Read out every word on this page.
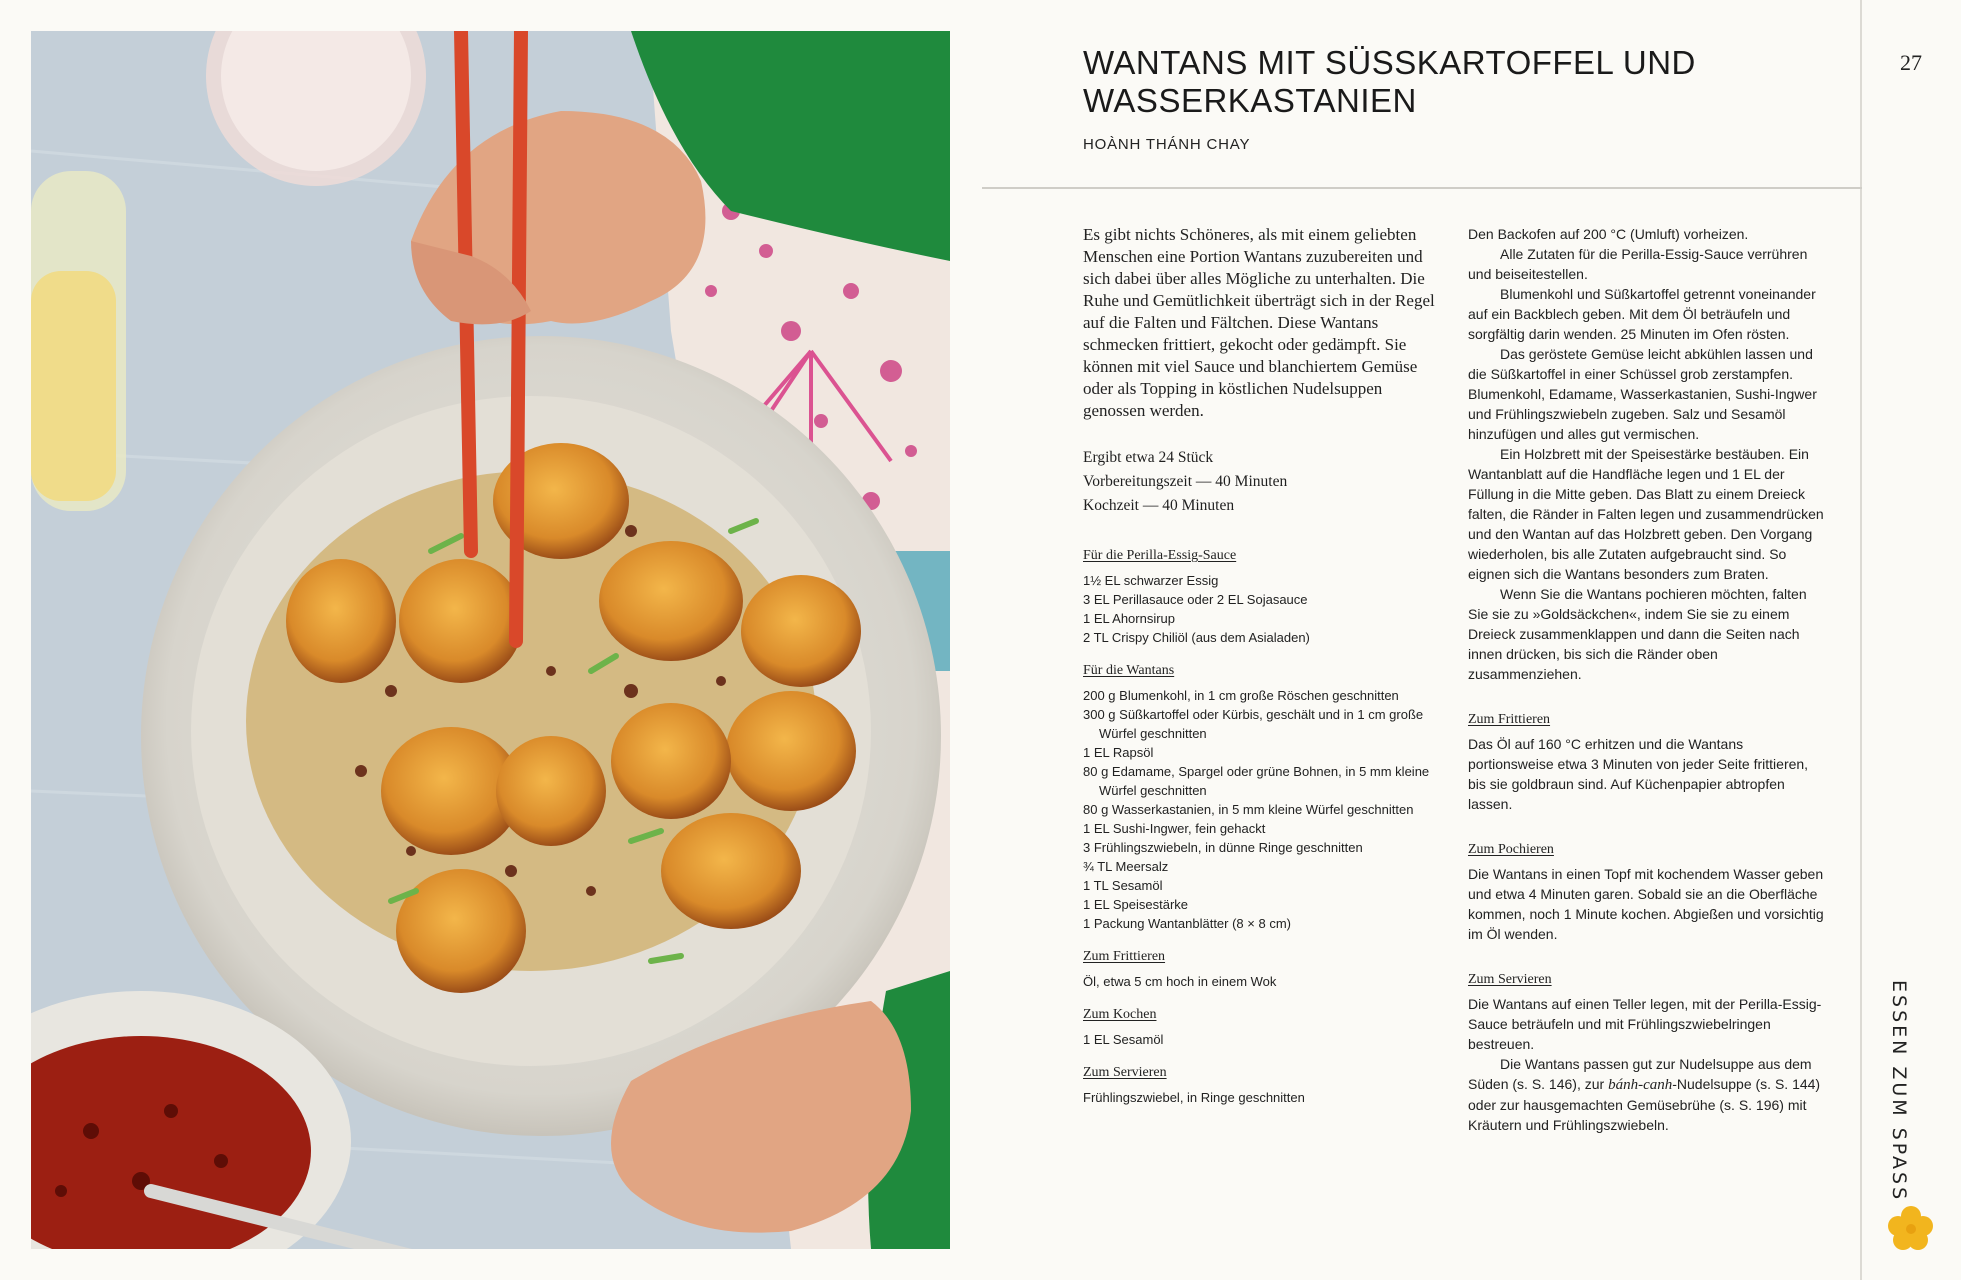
27
ESSEN ZUM SPASS
WANTANS MIT SÜSSKARTOFFEL UND WASSERKASTANIEN

HOÀNH THÁNH CHAY

Es gibt nichts Schöneres, als mit einem geliebten Menschen eine Portion Wantans zuzubereiten und sich dabei über alles Mögliche zu unterhalten. Die Ruhe und Gemütlichkeit überträgt sich in der Regel auf die Falten und Fältchen. Diese Wantans schmecken frittiert, gekocht oder gedämpft. Sie können mit viel Sauce und blanchiertem Gemüse oder als Topping in köstlichen Nudelsuppen genossen werden.

Ergibt etwa 24 Stück
Vorbereitungszeit — 40 Minuten
Kochzeit — 40 Minuten
Für die Perilla-Essig-Sauce
1½ EL schwarzer Essig
3 EL Perillasauce oder 2 EL Sojasauce
1 EL Ahornsirup
2 TL Crispy Chiliöl (aus dem Asialaden)
Für die Wantans
200 g Blumenkohl, in 1 cm große Röschen geschnitten
300 g Süßkartoffel oder Kürbis, geschält und in 1 cm große Würfel geschnitten
1 EL Rapsöl
80 g Edamame, Spargel oder grüne Bohnen, in 5 mm kleine Würfel geschnitten
80 g Wasserkastanien, in 5 mm kleine Würfel geschnitten
1 EL Sushi-Ingwer, fein gehackt
3 Frühlingszwiebeln, in dünne Ringe geschnitten
¾ TL Meersalz
1 TL Sesamöl
1 EL Speisestärke
1 Packung Wantanblätter (8 × 8 cm)
Zum Frittieren
Öl, etwa 5 cm hoch in einem Wok
Zum Kochen
1 EL Sesamöl
Zum Servieren
Frühlingszwiebel, in Ringe geschnitten

Den Backofen auf 200 °C (Umluft) vorheizen.

Alle Zutaten für die Perilla-Essig-Sauce verrühren und beiseitestellen.

Blumenkohl und Süßkartoffel getrennt voneinander auf ein Backblech geben. Mit dem Öl beträufeln und sorgfältig darin wenden. 25 Minuten im Ofen rösten.

Das geröstete Gemüse leicht abkühlen lassen und die Süßkartoffel in einer Schüssel grob zerstampfen. Blumenkohl, Edamame, Wasserkastanien, Sushi-Ingwer und Frühlingszwiebeln zugeben. Salz und Sesamöl hinzufügen und alles gut vermischen.

Ein Holzbrett mit der Speisestärke bestäuben. Ein Wantanblatt auf die Handfläche legen und 1 EL der Füllung in die Mitte geben. Das Blatt zu einem Dreieck falten, die Ränder in Falten legen und zusammendrücken und den Wantan auf das Holzbrett geben. Den Vorgang wiederholen, bis alle Zutaten aufgebraucht sind. So eignen sich die Wantans besonders zum Braten.

Wenn Sie die Wantans pochieren möchten, falten Sie sie zu »Goldsäckchen«, indem Sie sie zu einem Dreieck zusammenklappen und dann die Seiten nach innen drücken, bis sich die Ränder oben zusammenziehen.

Zum Frittieren

Das Öl auf 160 °C erhitzen und die Wantans portionsweise etwa 3 Minuten von jeder Seite frittieren, bis sie goldbraun sind. Auf Küchenpapier abtropfen lassen.

Zum Pochieren

Die Wantans in einen Topf mit kochendem Wasser geben und etwa 4 Minuten garen. Sobald sie an die Oberfläche kommen, noch 1 Minute kochen. Abgießen und vorsichtig im Öl wenden.

Zum Servieren

Die Wantans auf einen Teller legen, mit der Perilla-Essig-Sauce beträufeln und mit Frühlingszwiebelringen bestreuen.

Die Wantans passen gut zur Nudelsuppe aus dem Süden (s. S. 146), zur bánh-canh-Nudelsuppe (s. S. 144) oder zur hausgemachten Gemüsebrühe (s. S. 196) mit Kräutern und Frühlingszwiebeln.
